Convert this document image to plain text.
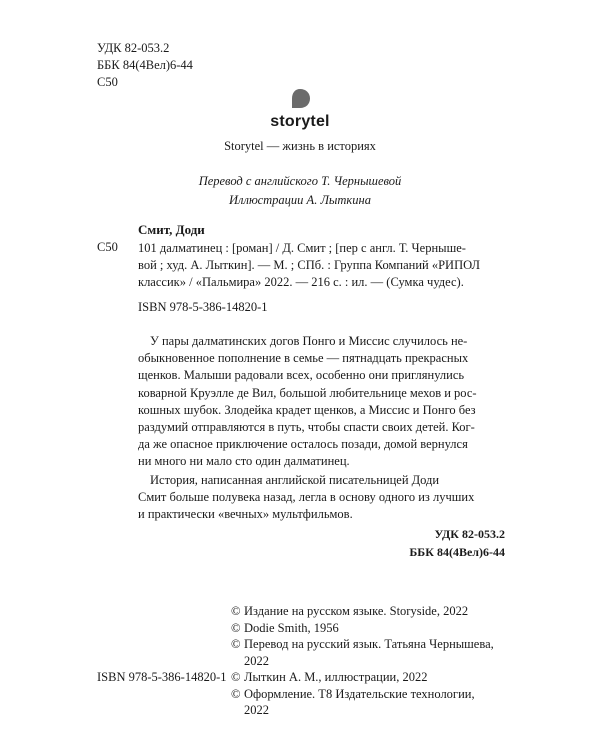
УДК 82-053.2
ББК 84(4Вел)6-44
С50
storytel
Storytel — жизнь в историях
Перевод с английского Т. Чернышевой
Иллюстрации А. Лыткина
Смит, Доди
С50 101 далматинец : [роман] / Д. Смит ; [пер с англ. Т. Черныше-
вой ; худ. А. Лыткин]. — М. ; СПб. : Группа Компаний «РИПОЛ
классик» / «Пальмира» 2022. — 216 с. : ил. — (Сумка чудес).
ISBN 978-5-386-14820-1
У пары далматинских догов Понго и Миссис случилось не-
обыкновенное пополнение в семье — пятнадцать прекрасных
щенков. Малыши радовали всех, особенно они приглянулись
коварной Круэлле де Вил, большой любительнице мехов и рос-
кошных шубок. Злодейка крадет щенков, а Миссис и Понго без
раздумий отправляются в путь, чтобы спасти своих детей. Ког-
да же опасное приключение осталось позади, домой вернулся
ни много ни мало сто один далматинец.
История, написанная английской писательницей Доди
Смит больше полувека назад, легла в основу одного из лучших
и практически «вечных» мультфильмов.
УДК 82-053.2
ББК 84(4Вел)6-44
© Издание на русском языке. Storyside, 2022
© Dodie Smith, 1956
© Перевод на русский язык. Татьяна Чернышева,
2022
© Лыткин А. М., иллюстрации, 2022
© Оформление. Т8 Издательские технологии,
2022
ISBN 978-5-386-14820-1
